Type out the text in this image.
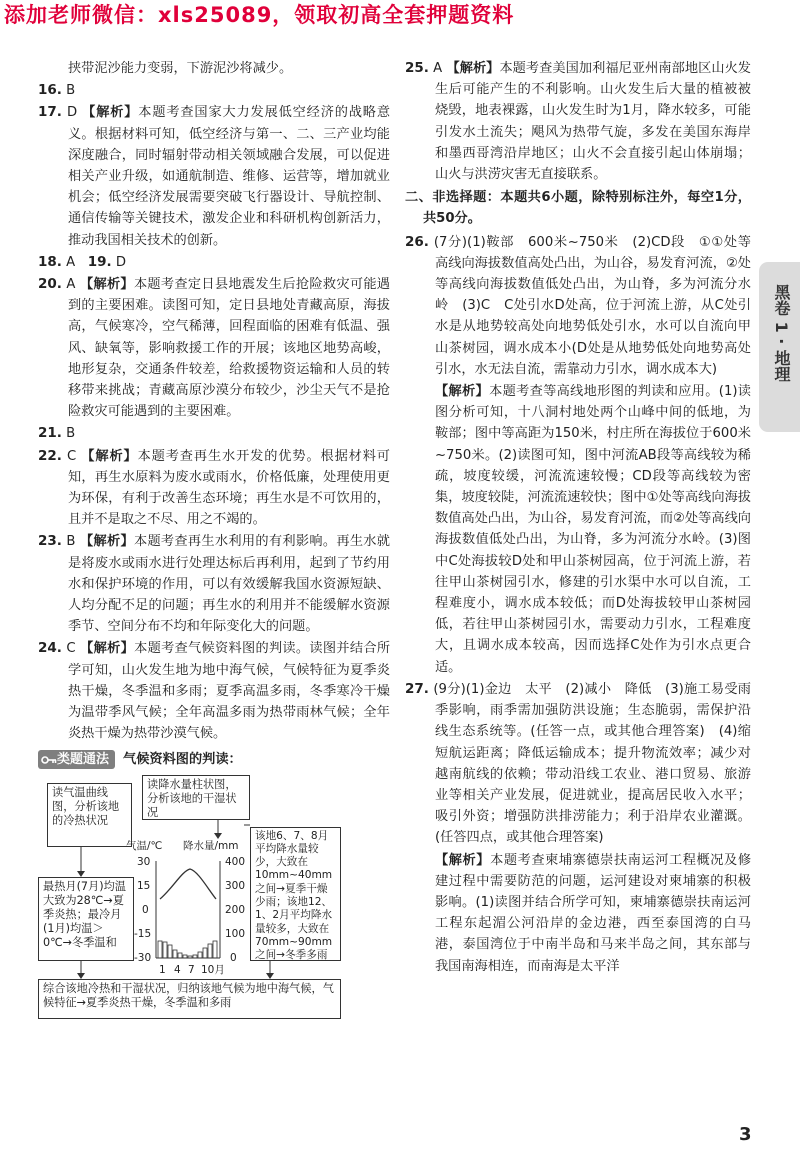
添加老师微信：xls25089，领取初高全套押题资料

挟带泥沙能力变弱，下游泥沙将减少。

16. B

17. D 【解析】本题考查国家大力发展低空经济的战略意义。根据材料可知，低空经济与第一、二、三产业均能深度融合，同时辐射带动相关领域融合发展，可以促进相关产业升级，如通航制造、维修、运营等，增加就业机会；低空经济发展需要突破飞行器设计、导航控制、通信传输等关键技术，激发企业和科研机构创新活力，推动我国相关技术的创新。

18. A 19. D

20. A 【解析】本题考查定日县地震发生后抢险救灾可能遇到的主要困难。读图可知，定日县地处青藏高原，海拔高，气候寒冷，空气稀薄，回程面临的困难有低温、强风、缺氧等，影响救援工作的开展；该地区地势高峻，地形复杂，交通条件较差，给救援物资运输和人员的转移带来挑战；青藏高原沙漠分布较少，沙尘天气不是抢险救灾可能遇到的主要困难。

21. B

22. C 【解析】本题考查再生水开发的优势。根据材料可知，再生水原料为废水或雨水，价格低廉，处理使用更为环保，有利于改善生态环境；再生水是不可饮用的，且并不是取之不尽、用之不竭的。

23. B 【解析】本题考查再生水利用的有利影响。再生水就是将废水或雨水进行处理达标后再利用，起到了节约用水和保护环境的作用，可以有效缓解我国水资源短缺、人均分配不足的问题；再生水的利用并不能缓解水资源季节、空间分布不均和年际变化大的问题。

24. C 【解析】本题考查气候资料图的判读。读图并结合所学可知，山火发生地为地中海气候，气候特征为夏季炎热干燥，冬季温和多雨；夏季高温多雨，冬季寒冷干燥为温带季风气候；全年高温多雨为热带雨林气候；全年炎热干燥为热带沙漠气候。

类题通法 气候资料图的判读：
读气温曲线图，分析该地的冷热状况
读降水量柱状图，分析该地的干湿状况
最热月(7月)均温大致为28℃→夏季炎热；最冷月(1月)均温＞0℃→冬季温和
该地6、7、8月平均降水量较少，大致在10mm~40mm之间→夏季干燥少雨；该地12、1、2月平均降水量较多，大致在70mm~90mm之间→冬季多雨
综合该地冷热和干湿状况，归纳该地气候为地中海气候，气候特征→夏季炎热干燥，冬季温和多雨
气温/℃ 降水量/mm
30
15
0
-15
-30
400
300
200
100
0
1 4 7 10月

25. A 【解析】本题考查美国加利福尼亚州南部地区山火发生后可能产生的不利影响。山火发生后大量的植被被烧毁，地表裸露，山火发生时为1月，降水较多，可能引发水土流失；飓风为热带气旋，多发在美国东海岸和墨西哥湾沿岸地区；山火不会直接引起山体崩塌；山火与洪涝灾害无直接联系。

二、非选择题：本题共6小题，除特别标注外，每空1分，共50分。

26. (7分)(1)鞍部　600米~750米　(2)CD段　①①处等高线向海拔数值高处凸出，为山谷，易发育河流，②处等高线向海拔数值低处凸出，为山脊，多为河流分水岭　(3)C　C处引水D处高，位于河流上游，从C处引水是从地势较高处向地势低处引水，水可以自流向甲山茶树园，调水成本小(D处是从地势低处向地势高处引水，水无法自流，需靠动力引水，调水成本大)

【解析】本题考查等高线地形图的判读和应用。(1)读图分析可知，十八洞村地处两个山峰中间的低地，为鞍部；图中等高距为150米，村庄所在海拔位于600米~750米。(2)读图可知，图中河流AB段等高线较为稀疏，坡度较缓，河流流速较慢；CD段等高线较为密集，坡度较陡，河流流速较快；图中①处等高线向海拔数值高处凸出，为山谷，易发育河流，而②处等高线向海拔数值低处凸出，为山脊，多为河流分水岭。(3)图中C处海拔较D处和甲山茶树园高，位于河流上游，若往甲山茶树园引水，修建的引水渠中水可以自流，工程难度小，调水成本较低；而D处海拔较甲山茶树园低，若往甲山茶树园引水，需要动力引水，工程难度大，且调水成本较高，因而选择C处作为引水点更合适。

27. (9分)(1)金边　太平　(2)减小　降低　(3)施工易受雨季影响，雨季需加强防洪设施；生态脆弱，需保护沿线生态系统等。(任答一点，或其他合理答案)　(4)缩短航运距离；降低运输成本；提升物流效率；减少对越南航线的依赖；带动沿线工农业、港口贸易、旅游业等相关产业发展，促进就业，提高居民收入水平；吸引外资；增强防洪排涝能力；利于沿岸农业灌溉。(任答四点，或其他合理答案)

【解析】本题考查柬埔寨德崇扶南运河工程概况及修建过程中需要防范的问题，运河建设对柬埔寨的积极影响。(1)读图并结合所学可知，柬埔寨德崇扶南运河工程东起湄公河沿岸的金边港，西至泰国湾的白马港，泰国湾位于中南半岛和马来半岛之间，其东部与我国南海相连，而南海是太平洋

黑卷 1 · 地理
3
